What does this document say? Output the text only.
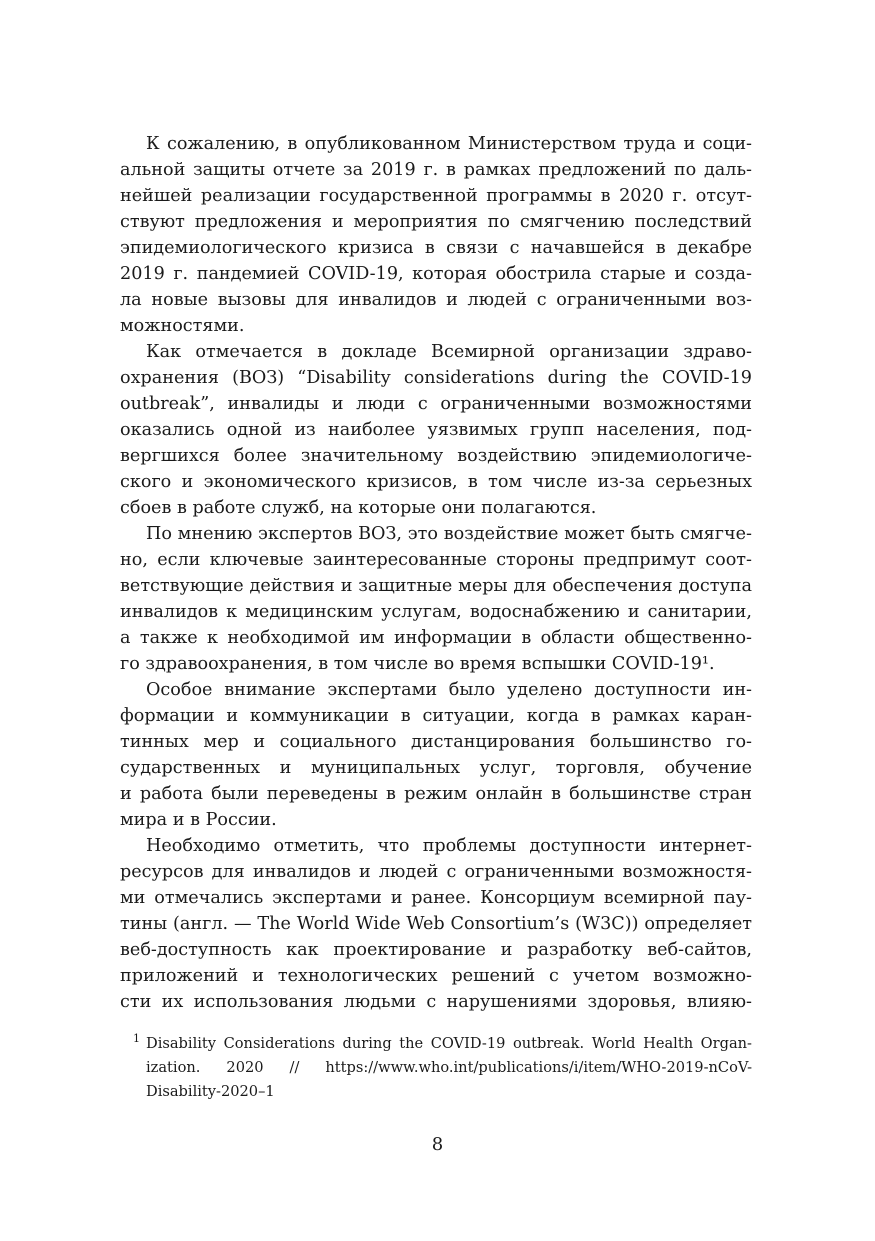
К сожалению, в опубликованном Министерством труда и соци-
альной защиты отчете за 2019 г. в рамках предложений по даль-
нейшей реализации государственной программы в 2020 г. отсут-
ствуют предложения и мероприятия по смягчению последствий
эпидемиологического кризиса в связи с начавшейся в декабре
2019 г. пандемией COVID-19, которая обострила старые и созда-
ла новые вызовы для инвалидов и людей с ограниченными воз-
можностями.
Как отмечается в докладе Всемирной организации здраво-
охранения (ВОЗ) “Disability considerations during the COVID-19
outbreak”, инвалиды и люди с ограниченными возможностями
оказались одной из наиболее уязвимых групп населения, под-
вергшихся более значительному воздействию эпидемиологиче-
ского и экономического кризисов, в том числе из-за серьезных
сбоев в работе служб, на которые они полагаются.
По мнению экспертов ВОЗ, это воздействие может быть смягче-
но, если ключевые заинтересованные стороны предпримут соот-
ветствующие действия и защитные меры для обеспечения доступа
инвалидов к медицинским услугам, водоснабжению и санитарии,
а также к необходимой им информации в области общественно-
го здравоохранения, в том числе во время вспышки COVID-19¹.
Особое внимание экспертами было уделено доступности ин-
формации и коммуникации в ситуации, когда в рамках каран-
тинных мер и социального дистанцирования большинство го-
сударственных и муниципальных услуг, торговля, обучение
и работа были переведены в режим онлайн в большинстве стран
мира и в России.
Необходимо отметить, что проблемы доступности интернет-
ресурсов для инвалидов и людей с ограниченными возможностя-
ми отмечались экспертами и ранее. Консорциум всемирной пау-
тины (англ. — The World Wide Web Consortium’s (W3C)) определяет
веб-доступность как проектирование и разработку веб-сайтов,
приложений и технологических решений с учетом возможно-
сти их использования людьми с нарушениями здоровья, влияю-
1 Disability Considerations during the COVID-19 outbreak. World Health Organ-
ization. 2020 // https://www.who.int/publications/i/item/WHO-2019-nCoV-
Disability-2020–1
8
